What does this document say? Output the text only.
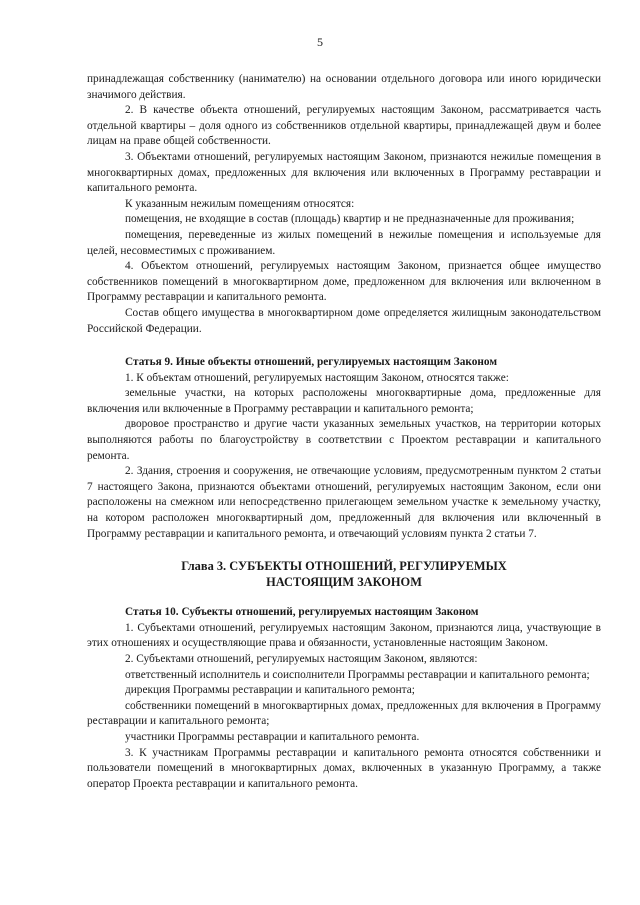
5

принадлежащая собственнику (нанимателю) на основании отдельного договора или иного юридически значимого действия.

2. В качестве объекта отношений, регулируемых настоящим Законом, рассматривается часть отдельной квартиры – доля одного из собственников отдельной квартиры, принадлежащей двум и более лицам на праве общей собственности.

3. Объектами отношений, регулируемых настоящим Законом, признаются нежилые помещения в многоквартирных домах, предложенных для включения или включенных в Программу реставрации и капитального ремонта.

К указанным нежилым помещениям относятся:

помещения, не входящие в состав (площадь) квартир и не предназначенные для проживания;

помещения, переведенные из жилых помещений в нежилые помещения и используемые для целей, несовместимых с проживанием.

4. Объектом отношений, регулируемых настоящим Законом, признается общее имущество собственников помещений в многоквартирном доме, предложенном для включения или включенном в Программу реставрации и капитального ремонта.

Состав общего имущества в многоквартирном доме определяется жилищным законодательством Российской Федерации.

Статья 9. Иные объекты отношений, регулируемых настоящим Законом

1. К объектам отношений, регулируемых настоящим Законом, относятся также:

земельные участки, на которых расположены многоквартирные дома, предложенные для включения или включенные в Программу реставрации и капитального ремонта;

дворовое пространство и другие части указанных земельных участков, на территории которых выполняются работы по благоустройству в соответствии с Проектом реставрации и капитального ремонта.

2. Здания, строения и сооружения, не отвечающие условиям, предусмотренным пунктом 2 статьи 7 настоящего Закона, признаются объектами отношений, регулируемых настоящим Законом, если они расположены на смежном или непосредственно прилегающем земельном участке к земельному участку, на котором расположен многоквартирный дом, предложенный для включения или включенный в Программу реставрации и капитального ремонта, и отвечающий условиям пункта 2 статьи 7.

Глава 3. СУБЪЕКТЫ ОТНОШЕНИЙ, РЕГУЛИРУЕМЫХ

НАСТОЯЩИМ ЗАКОНОМ

Статья 10. Субъекты отношений, регулируемых настоящим Законом

1. Субъектами отношений, регулируемых настоящим Законом, признаются лица, участвующие в этих отношениях и осуществляющие права и обязанности, установленные настоящим Законом.

2. Субъектами отношений, регулируемых настоящим Законом, являются:

ответственный исполнитель и соисполнители Программы реставрации и капитального ремонта;

дирекция Программы реставрации и капитального ремонта;

собственники помещений в многоквартирных домах, предложенных для включения в Программу реставрации и капитального ремонта;

участники Программы реставрации и капитального ремонта.

3. К участникам Программы реставрации и капитального ремонта относятся собственники и пользователи помещений в многоквартирных домах, включенных в указанную Программу, а также оператор Проекта реставрации и капитального ремонта.
